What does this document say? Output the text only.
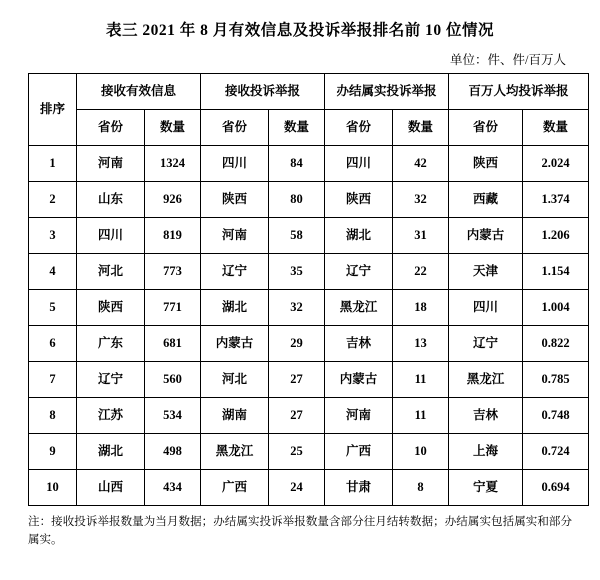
表三 2021 年 8 月有效信息及投诉举报排名前 10 位情况
单位：件、件/百万人
排序	接收有效信息		接收投诉举报		办结属实投诉举报		百万人均投诉举报	
	省份	数量	省份	数量	省份	数量	省份	数量
1	河南	1324	四川	84	四川	42	陕西	2.024
2	山东	926	陕西	80	陕西	32	西藏	1.374
3	四川	819	河南	58	湖北	31	内蒙古	1.206
4	河北	773	辽宁	35	辽宁	22	天津	1.154
5	陕西	771	湖北	32	黑龙江	18	四川	1.004
6	广东	681	内蒙古	29	吉林	13	辽宁	0.822
7	辽宁	560	河北	27	内蒙古	11	黑龙江	0.785
8	江苏	534	湖南	27	河南	11	吉林	0.748
9	湖北	498	黑龙江	25	广西	10	上海	0.724
10	山西	434	广西	24	甘肃	8	宁夏	0.694
注：接收投诉举报数量为当月数据；办结属实投诉举报数量含部分往月结转数据；办结属实包括属实和部分属实。
